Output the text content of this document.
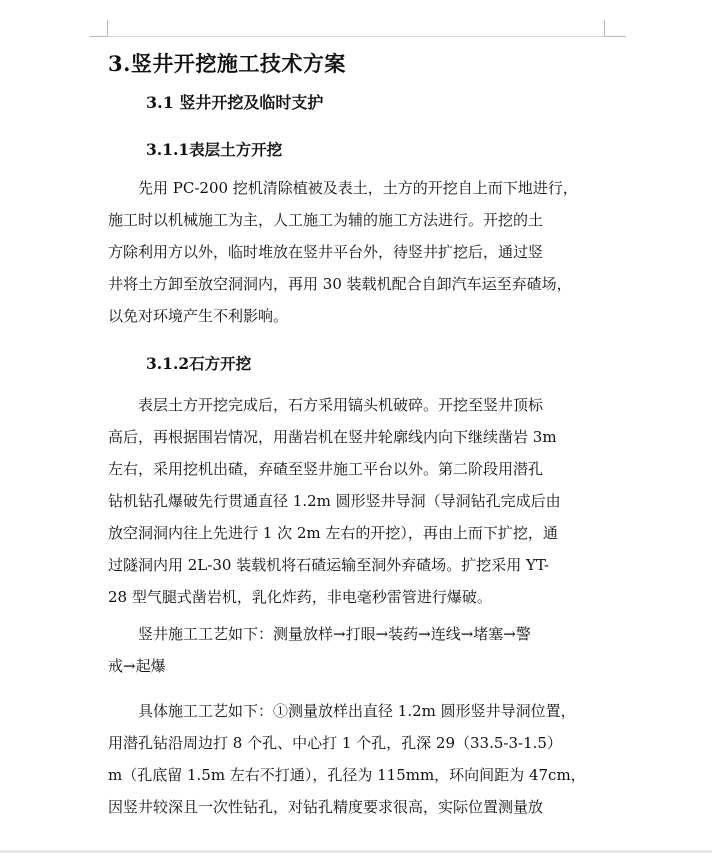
3.竖井开挖施工技术方案
3.1 竖井开挖及临时支护
3.1.1表层土方开挖
　　先用 PC-200 挖机清除植被及表土，土方的开挖自上而下地进行，
施工时以机械施工为主，人工施工为辅的施工方法进行。开挖的土
方除利用方以外，临时堆放在竖井平台外，待竖井扩挖后，通过竖
井将土方卸至放空洞洞内，再用 30 装载机配合自卸汽车运至弃碴场，
以免对环境产生不利影响。
3.1.2石方开挖
　　表层土方开挖完成后，石方采用镐头机破碎。开挖至竖井顶标
高后，再根据围岩情况，用凿岩机在竖井轮廓线内向下继续凿岩 3m
左右，采用挖机出碴，弃碴至竖井施工平台以外。第二阶段用潜孔
钻机钻孔爆破先行贯通直径 1.2m 圆形竖井导洞（导洞钻孔完成后由
放空洞洞内往上先进行 1 次 2m 左右的开挖），再由上而下扩挖，通
过隧洞内用 2L-30 装载机将石碴运输至洞外弃碴场。扩挖采用 YT-
28 型气腿式凿岩机，乳化炸药，非电毫秒雷管进行爆破。
　　竖井施工工艺如下：测量放样→打眼→装药→连线→堵塞→警
戒→起爆
　　具体施工工艺如下：①测量放样出直径 1.2m 圆形竖井导洞位置，
用潜孔钻沿周边打 8 个孔、中心打 1 个孔，孔深 29（33.5-3-1.5）
m（孔底留 1.5m 左右不打通），孔径为 115mm，环向间距为 47cm，
因竖井较深且一次性钻孔，对钻孔精度要求很高，实际位置测量放
